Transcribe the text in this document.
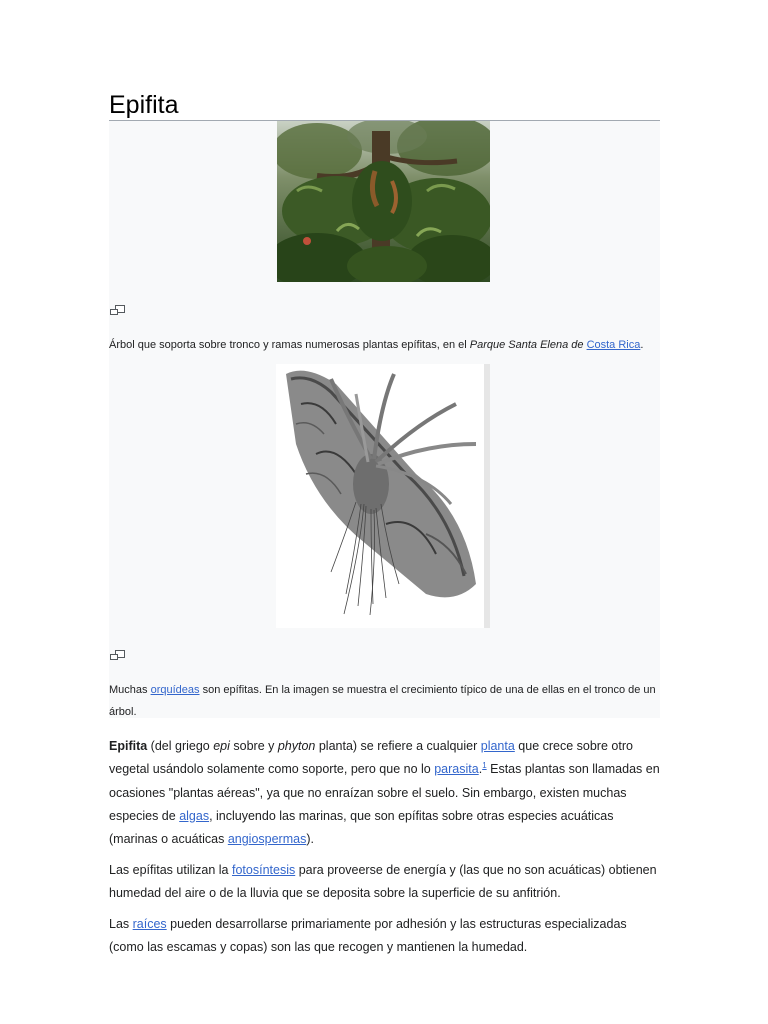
Epifita
Árbol que soporta sobre tronco y ramas numerosas plantas epífitas, en el Parque Santa Elena de Costa Rica.
Muchas orquídeas son epífitas. En la imagen se muestra el crecimiento típico de una de ellas en el tronco de un árbol.

Epifita (del griego epi sobre y phyton planta) se refiere a cualquier planta que crece sobre otro vegetal usándolo solamente como soporte, pero que no lo parasita.$^1$ Estas plantas son llamadas en ocasiones "plantas aéreas", ya que no enraízan sobre el suelo. Sin embargo, existen muchas especies de algas, incluyendo las marinas, que son epífitas sobre otras especies acuáticas (marinas o acuáticas angiospermas).

Las epífitas utilizan la fotosíntesis para proveerse de energía y (las que no son acuáticas) obtienen humedad del aire o de la lluvia que se deposita sobre la superficie de su anfitrión.

Las raíces pueden desarrollarse primariamente por adhesión y las estructuras especializadas (como las escamas y copas) son las que recogen y mantienen la humedad.
